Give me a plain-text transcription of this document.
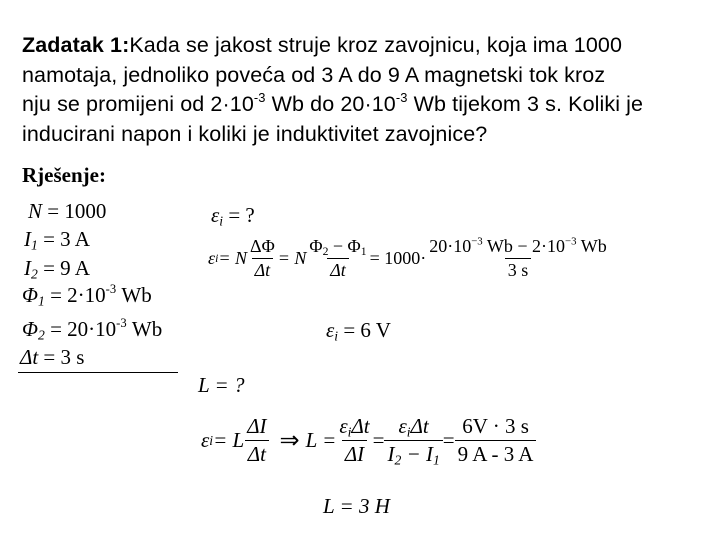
Zadatak 1:Kada se jakost struje kroz zavojnicu, koja ima 1000
namotaja, jednoliko poveća od 3 A do 9 A magnetski tok kroz
nju se promijeni od $2\cdot 10^{-3}$ Wb do $20\cdot 10^{-3}$ Wb tijekom 3 s. Koliki je
inducirani napon i koliki je induktivitet zavojnice?
Rješenje:
N = 1000
$I_1 = 3$ A
$I_2 = 9$ A
$\Phi_1 = 2\cdot 10^{-3}$ Wb
$\Phi_2 = 20\cdot 10^{-3}$ Wb
Δt = 3 s
$\varepsilon_i$ = ?
ε i = N $\frac{\Delta\Phi}{\Delta t} = N \frac{\Phi_2 - \Phi_1}{\Delta t} = 1000 \cdot \frac{20\cdot 10^{-3} Wb - 2\cdot 10^{-3} Wb}{3 s}$
$\varepsilon_i = 6$ V
L = ?
ε i = L $\frac{\Delta I}{\Delta t}$ ⇒ $L = \frac{\varepsilon_i\Delta t}{\Delta I} = \frac{\varepsilon_i\Delta t}{I_2 - I_1} = \frac{6V \cdot 3 s}{9 A - 3 A}$
L = 3 H
